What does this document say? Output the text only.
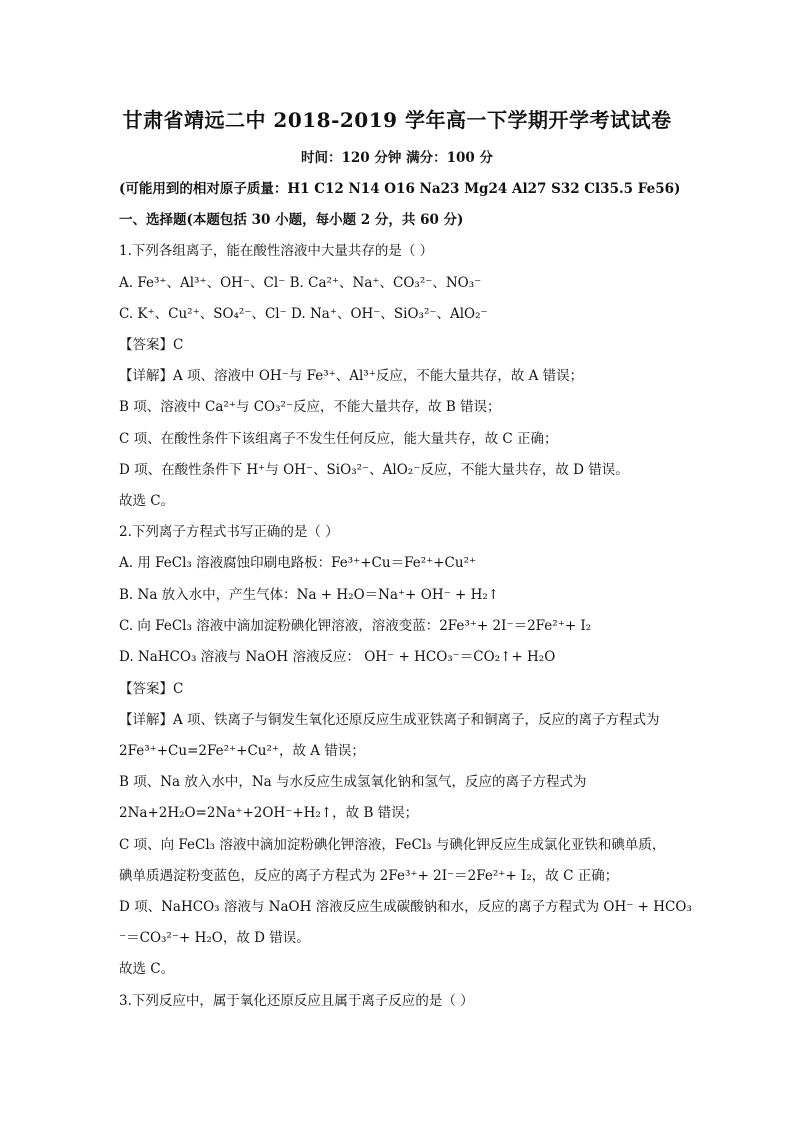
甘肃省靖远二中 2018-2019 学年高一下学期开学考试试卷
时间：120 分钟 满分：100 分
(可能用到的相对原子质量：H1 C12 N14 O16 Na23 Mg24 Al27 S32 Cl35.5 Fe56)
一、选择题(本题包括 30 小题，每小题 2 分，共 60 分)
1.下列各组离子，能在酸性溶液中大量共存的是（ ）
A. Fe³⁺、Al³⁺、OH⁻、Cl⁻ B. Ca²⁺、Na⁺、CO₃²⁻、NO₃⁻
C. K⁺、Cu²⁺、SO₄²⁻、Cl⁻ D. Na⁺、OH⁻、SiO₃²⁻、AlO₂⁻
【答案】C
【详解】A 项、溶液中 OH⁻与 Fe³⁺、Al³⁺反应，不能大量共存，故 A 错误；
B 项、溶液中 Ca²⁺与 CO₃²⁻反应，不能大量共存，故 B 错误；
C 项、在酸性条件下该组离子不发生任何反应，能大量共存，故 C 正确；
D 项、在酸性条件下 H⁺与 OH⁻、SiO₃²⁻、AlO₂⁻反应，不能大量共存，故 D 错误。
故选 C。
2.下列离子方程式书写正确的是（ ）
A. 用 FeCl₃ 溶液腐蚀印刷电路板：Fe³⁺+Cu＝Fe²⁺+Cu²⁺
B. Na 放入水中，产生气体：Na + H₂O＝Na⁺+ OH⁻ + H₂↑
C. 向 FeCl₃ 溶液中滴加淀粉碘化钾溶液，溶液变蓝：2Fe³⁺+ 2I⁻＝2Fe²⁺+ I₂
D. NaHCO₃ 溶液与 NaOH 溶液反应： OH⁻ + HCO₃⁻＝CO₂↑+ H₂O
【答案】C
【详解】A 项、铁离子与铜发生氧化还原反应生成亚铁离子和铜离子，反应的离子方程式为
2Fe³⁺+Cu=2Fe²⁺+Cu²⁺，故 A 错误；
B 项、Na 放入水中，Na 与水反应生成氢氧化钠和氢气，反应的离子方程式为
2Na+2H₂O=2Na⁺+2OH⁻+H₂↑，故 B 错误；
C 项、向 FeCl₃ 溶液中滴加淀粉碘化钾溶液，FeCl₃ 与碘化钾反应生成氯化亚铁和碘单质，
碘单质遇淀粉变蓝色，反应的离子方程式为 2Fe³⁺+ 2I⁻＝2Fe²⁺+ I₂，故 C 正确；
D 项、NaHCO₃ 溶液与 NaOH 溶液反应生成碳酸钠和水，反应的离子方程式为 OH⁻ + HCO₃
⁻＝CO₃²⁻+ H₂O，故 D 错误。
故选 C。
3.下列反应中，属于氧化还原反应且属于离子反应的是（ ）
